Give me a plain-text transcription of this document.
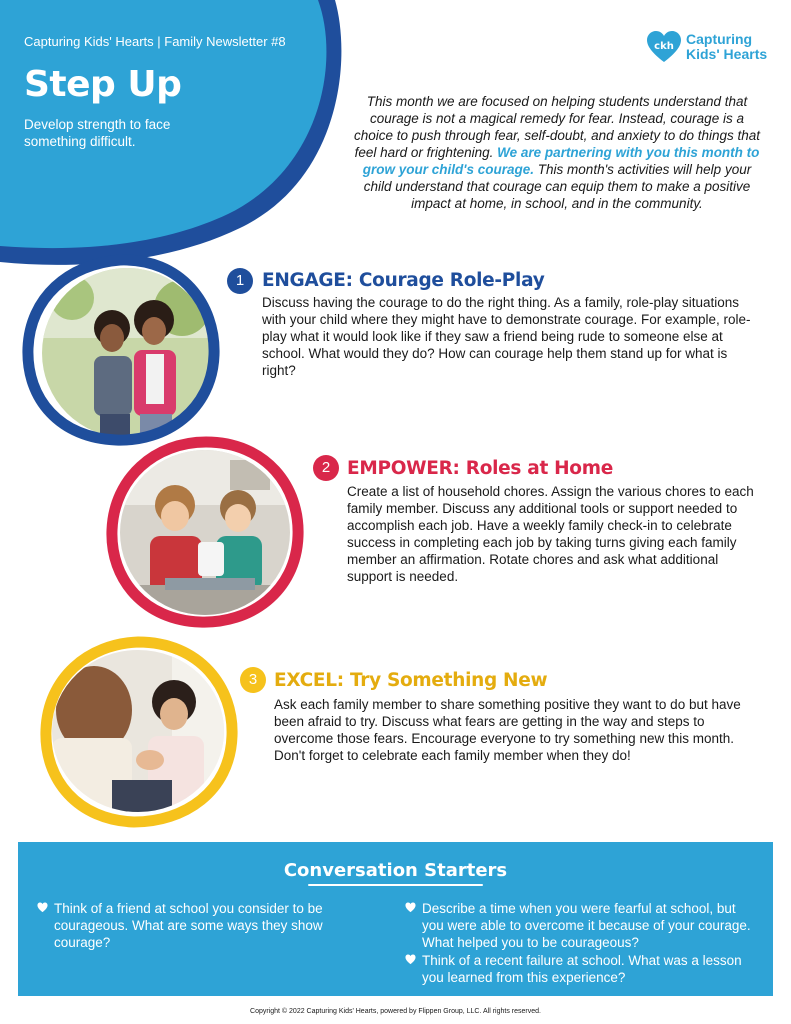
Capturing Kids' Hearts | Family Newsletter #8
Step Up
Develop strength to face something difficult.
ckh Capturing
Kids' Hearts
This month we are focused on helping students understand that courage is not a magical remedy for fear. Instead, courage is a choice to push through fear, self-doubt, and anxiety to do things that feel hard or frightening. We are partnering with you this month to grow your child's courage. This month's activities will help your child understand that courage can equip them to make a positive impact at home, in school, and in the community.
1 ENGAGE: Courage Role-Play
Discuss having the courage to do the right thing. As a family, role-play situations with your child where they might have to demonstrate courage. For example, role-play what it would look like if they saw a friend being rude to someone else at school. What would they do? How can courage help them stand up for what is right?
2 EMPOWER: Roles at Home
Create a list of household chores. Assign the various chores to each family member. Discuss any additional tools or support needed to accomplish each job. Have a weekly family check-in to celebrate success in completing each job by taking turns giving each family member an affirmation. Rotate chores and ask what additional support is needed.
3 EXCEL: Try Something New
Ask each family member to share something positive they want to do but have been afraid to try. Discuss what fears are getting in the way and steps to overcome those fears. Encourage everyone to try something new this month. Don't forget to celebrate each family member when they do!
Conversation Starters
Think of a friend at school you consider to be courageous. What are some ways they show courage?
Describe a time when you were fearful at school, but you were able to overcome it because of your courage. What helped you to be courageous?
Think of a recent failure at school. What was a lesson you learned from this experience?
Copyright © 2022 Capturing Kids' Hearts, powered by Flippen Group, LLC. All rights reserved.
